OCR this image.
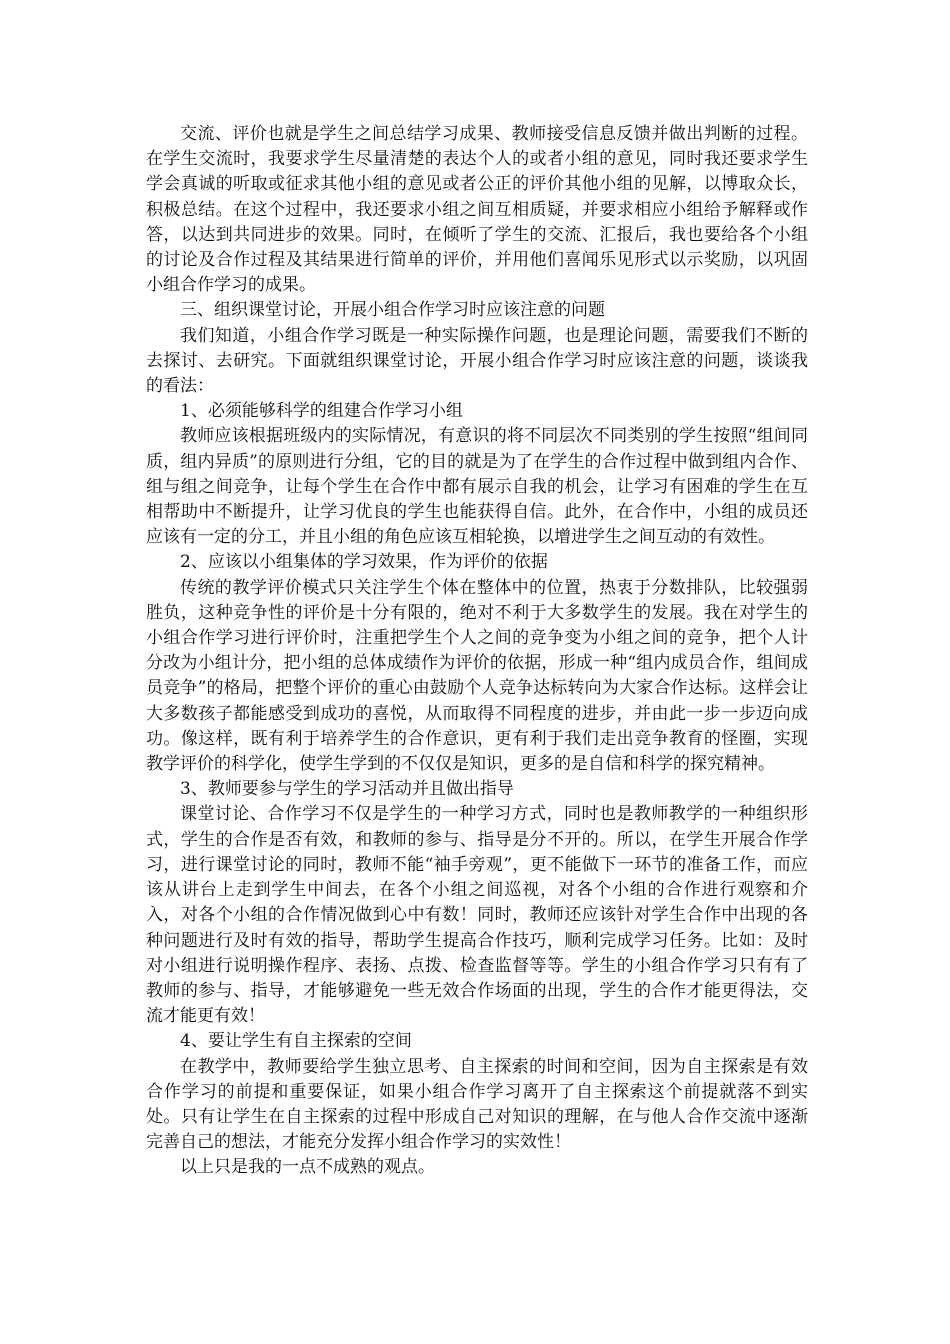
交流、评价也就是学生之间总结学习成果、教师接受信息反馈并做出判断的过程。在学生交流时，我要求学生尽量清楚的表达个人的或者小组的意见，同时我还要求学生学会真诚的听取或征求其他小组的意见或者公正的评价其他小组的见解，以博取众长，积极总结。在这个过程中，我还要求小组之间互相质疑，并要求相应小组给予解释或作答，以达到共同进步的效果。同时，在倾听了学生的交流、汇报后，我也要给各个小组的讨论及合作过程及其结果进行简单的评价，并用他们喜闻乐见形式以示奖励，以巩固小组合作学习的成果。

三、组织课堂讨论，开展小组合作学习时应该注意的问题

我们知道，小组合作学习既是一种实际操作问题，也是理论问题，需要我们不断的去探讨、去研究。下面就组织课堂讨论，开展小组合作学习时应该注意的问题，谈谈我的看法：

1、必须能够科学的组建合作学习小组

教师应该根据班级内的实际情况，有意识的将不同层次不同类别的学生按照“组间同质，组内异质”的原则进行分组，它的目的就是为了在学生的合作过程中做到组内合作、组与组之间竞争，让每个学生在合作中都有展示自我的机会，让学习有困难的学生在互相帮助中不断提升，让学习优良的学生也能获得自信。此外，在合作中，小组的成员还应该有一定的分工，并且小组的角色应该互相轮换，以增进学生之间互动的有效性。

2、应该以小组集体的学习效果，作为评价的依据

传统的教学评价模式只关注学生个体在整体中的位置，热衷于分数排队，比较强弱胜负，这种竞争性的评价是十分有限的，绝对不利于大多数学生的发展。我在对学生的小组合作学习进行评价时，注重把学生个人之间的竞争变为小组之间的竞争，把个人计分改为小组计分，把小组的总体成绩作为评价的依据，形成一种“组内成员合作，组间成员竞争”的格局，把整个评价的重心由鼓励个人竞争达标转向为大家合作达标。这样会让大多数孩子都能感受到成功的喜悦，从而取得不同程度的进步，并由此一步一步迈向成功。像这样，既有利于培养学生的合作意识，更有利于我们走出竞争教育的怪圈，实现教学评价的科学化，使学生学到的不仅仅是知识，更多的是自信和科学的探究精神。

3、教师要参与学生的学习活动并且做出指导

课堂讨论、合作学习不仅是学生的一种学习方式，同时也是教师教学的一种组织形式，学生的合作是否有效，和教师的参与、指导是分不开的。所以，在学生开展合作学习，进行课堂讨论的同时，教师不能“袖手旁观”，更不能做下一环节的准备工作，而应该从讲台上走到学生中间去，在各个小组之间巡视，对各个小组的合作进行观察和介入，对各个小组的合作情况做到心中有数！同时，教师还应该针对学生合作中出现的各种问题进行及时有效的指导，帮助学生提高合作技巧，顺利完成学习任务。比如：及时对小组进行说明操作程序、表扬、点拨、检查监督等等。学生的小组合作学习只有有了教师的参与、指导，才能够避免一些无效合作场面的出现，学生的合作才能更得法，交流才能更有效！

4、要让学生有自主探索的空间

在教学中，教师要给学生独立思考、自主探索的时间和空间，因为自主探索是有效合作学习的前提和重要保证，如果小组合作学习离开了自主探索这个前提就落不到实处。只有让学生在自主探索的过程中形成自己对知识的理解，在与他人合作交流中逐渐完善自己的想法，才能充分发挥小组合作学习的实效性！

以上只是我的一点不成熟的观点。
